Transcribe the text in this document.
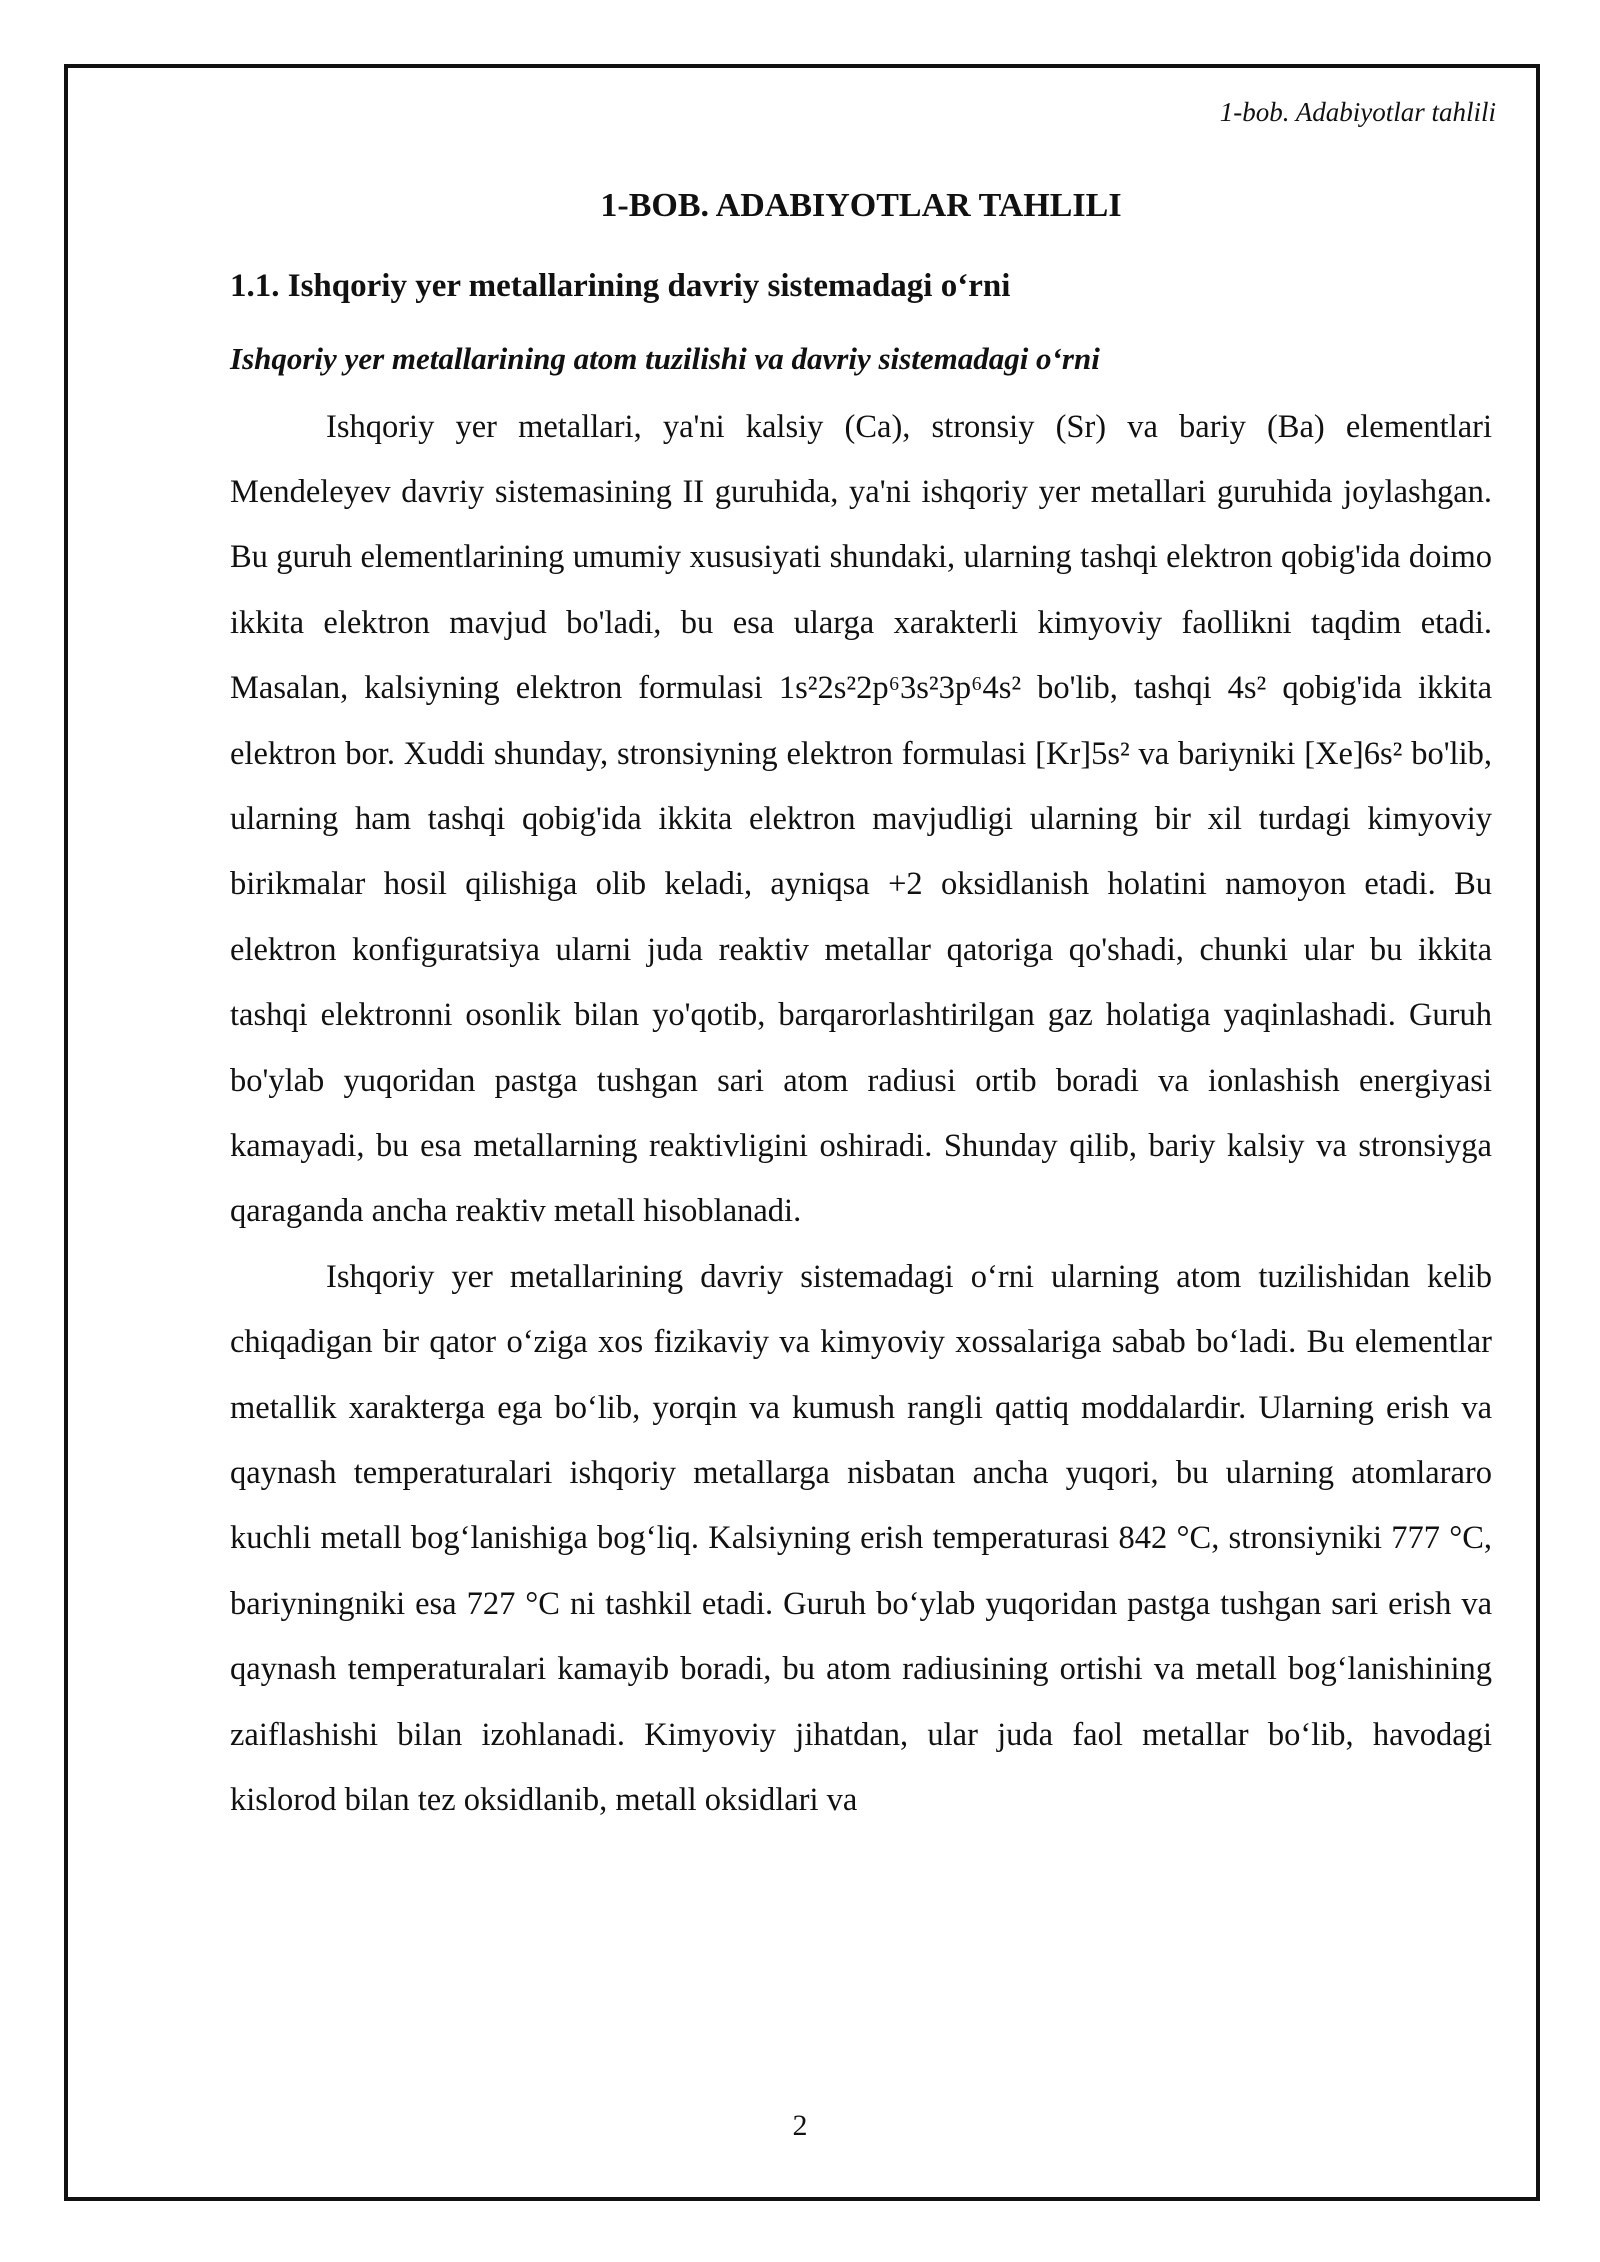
1-bob. Adabiyotlar tahlili
1-BOB. ADABIYOTLAR TAHLILI
1.1. Ishqoriy yer metallarining davriy sistemadagi o‘rni
Ishqoriy yer metallarining atom tuzilishi va davriy sistemadagi o‘rni

Ishqoriy yer metallari, ya'ni kalsiy (Ca), stronsiy (Sr) va bariy (Ba) elementlari Mendeleyev davriy sistemasining II guruhida, ya'ni ishqoriy yer metallari guruhida joylashgan. Bu guruh elementlarining umumiy xususiyati shundaki, ularning tashqi elektron qobig'ida doimo ikkita elektron mavjud bo'ladi, bu esa ularga xarakterli kimyoviy faollikni taqdim etadi. Masalan, kalsiyning elektron formulasi 1s²2s²2p⁶3s²3p⁶4s² bo'lib, tashqi 4s² qobig'ida ikkita elektron bor. Xuddi shunday, stronsiyning elektron formulasi [Kr]5s² va bariyniki [Xe]6s² bo'lib, ularning ham tashqi qobig'ida ikkita elektron mavjudligi ularning bir xil turdagi kimyoviy birikmalar hosil qilishiga olib keladi, ayniqsa +2 oksidlanish holatini namoyon etadi. Bu elektron konfiguratsiya ularni juda reaktiv metallar qatoriga qo'shadi, chunki ular bu ikkita tashqi elektronni osonlik bilan yo'qotib, barqarorlashtirilgan gaz holatiga yaqinlashadi. Guruh bo'ylab yuqoridan pastga tushgan sari atom radiusi ortib boradi va ionlashish energiyasi kamayadi, bu esa metallarning reaktivligini oshiradi. Shunday qilib, bariy kalsiy va stronsiyga qaraganda ancha reaktiv metall hisoblanadi.

Ishqoriy yer metallarining davriy sistemadagi o‘rni ularning atom tuzilishidan kelib chiqadigan bir qator o‘ziga xos fizikaviy va kimyoviy xossalariga sabab bo‘ladi. Bu elementlar metallik xarakterga ega bo‘lib, yorqin va kumush rangli qattiq moddalardir. Ularning erish va qaynash temperaturalari ishqoriy metallarga nisbatan ancha yuqori, bu ularning atomlararo kuchli metall bog‘lanishiga bog‘liq. Kalsiyning erish temperaturasi 842 °C, stronsiyniki 777 °C, bariyningniki esa 727 °C ni tashkil etadi. Guruh bo‘ylab yuqoridan pastga tushgan sari erish va qaynash temperaturalari kamayib boradi, bu atom radiusining ortishi va metall bog‘lanishining zaiflashishi bilan izohlanadi. Kimyoviy jihatdan, ular juda faol metallar bo‘lib, havodagi kislorod bilan tez oksidlanib, metall oksidlari va

2
